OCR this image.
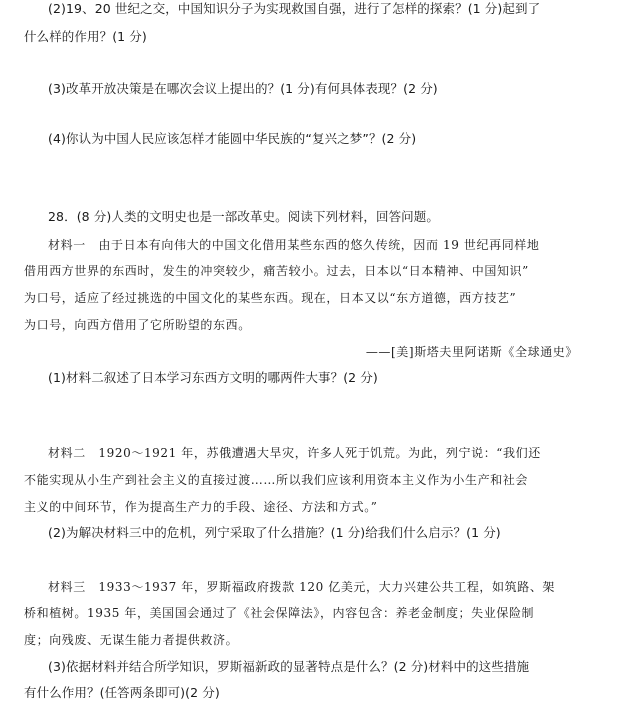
(2)19、20 世纪之交，中国知识分子为实现救国自强，进行了怎样的探索？(1 分)起到了
什么样的作用？(1 分)
(3)改革开放决策是在哪次会议上提出的？(1 分)有何具体表现？(2 分)
(4)你认为中国人民应该怎样才能圆中华民族的“复兴之梦”？(2 分)
28．(8 分)人类的文明史也是一部改革史。阅读下列材料，回答问题。
材料一　由于日本有向伟大的中国文化借用某些东西的悠久传统，因而 19 世纪再同样地
借用西方世界的东西时，发生的冲突较少，痛苦较小。过去，日本以“日本精神、中国知识”
为口号，适应了经过挑选的中国文化的某些东西。现在，日本又以“东方道德，西方技艺”
为口号，向西方借用了它所盼望的东西。
——[美]斯塔夫里阿诺斯《全球通史》
(1)材料二叙述了日本学习东西方文明的哪两件大事？(2 分)
材料二　1920～1921 年，苏俄遭遇大旱灾，许多人死于饥荒。为此，列宁说：“我们还
不能实现从小生产到社会主义的直接过渡……所以我们应该利用资本主义作为小生产和社会
主义的中间环节，作为提高生产力的手段、途径、方法和方式。”
(2)为解决材料三中的危机，列宁采取了什么措施？(1 分)给我们什么启示？(1 分)
材料三　1933～1937 年，罗斯福政府拨款 120 亿美元，大力兴建公共工程，如筑路、架
桥和植树。1935 年，美国国会通过了《社会保障法》，内容包含：养老金制度；失业保险制
度；向残废、无谋生能力者提供救济。
(3)依据材料并结合所学知识，罗斯福新政的显著特点是什么？(2 分)材料中的这些措施
有什么作用？(任答两条即可)(2 分)
